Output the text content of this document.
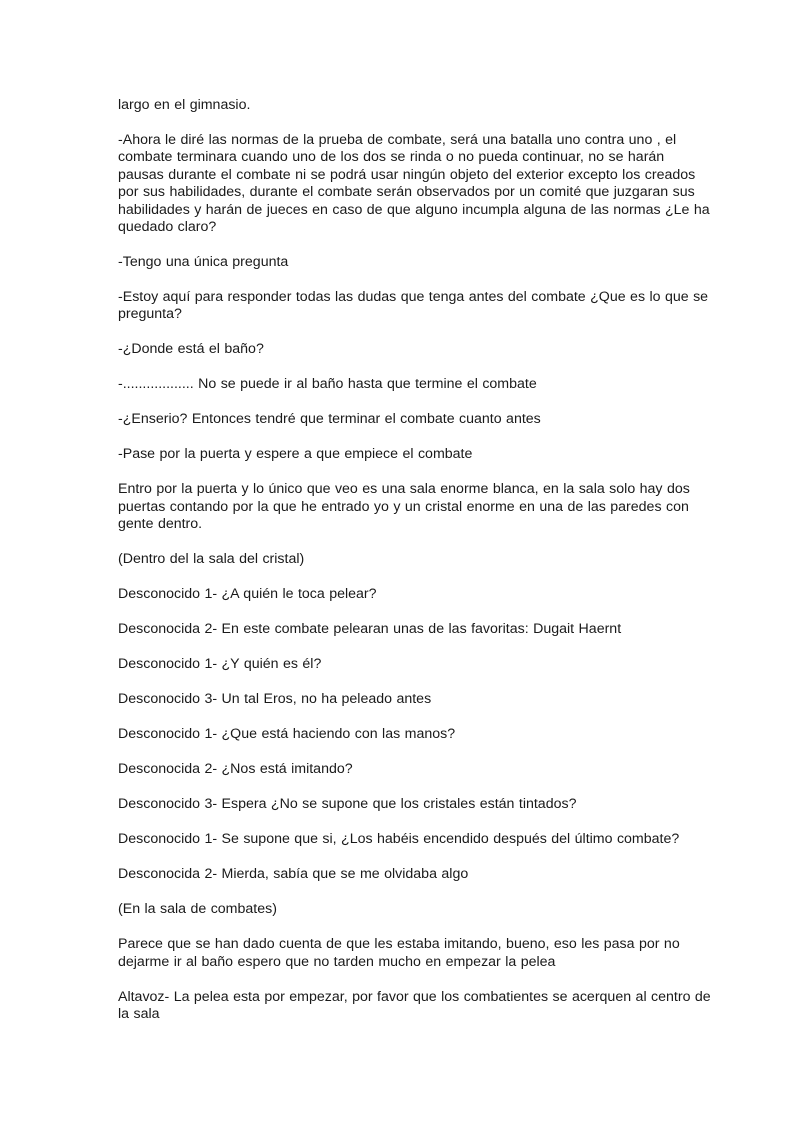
largo en el gimnasio.

-Ahora le diré las normas de la prueba de combate, será una batalla uno contra uno , el combate terminara cuando uno de los dos se rinda o no pueda continuar, no se harán pausas durante el combate ni se podrá usar ningún objeto del exterior excepto los creados por sus habilidades, durante el combate serán observados por un comité que juzgaran sus habilidades y harán de jueces en caso de que alguno incumpla alguna de las normas ¿Le ha quedado claro?

-Tengo una única pregunta

-Estoy aquí para responder todas las dudas que tenga antes del combate ¿Que es lo que se pregunta?

-¿Donde está el baño?

-.................. No se puede ir al baño hasta que termine el combate

-¿Enserio? Entonces tendré que terminar el combate cuanto antes

-Pase por la puerta y espere a que empiece el combate

Entro por la puerta y lo único que veo es una sala enorme blanca, en la sala solo hay dos puertas contando por la que he entrado yo y un cristal enorme en una de las paredes con gente dentro.

(Dentro del la sala del cristal)

Desconocido 1- ¿A quién le toca pelear?

Desconocida 2- En este combate pelearan unas de las favoritas: Dugait Haernt

Desconocido 1- ¿Y quién es él?

Desconocido 3- Un tal Eros, no ha peleado antes

Desconocido 1- ¿Que está haciendo con las manos?

Desconocida 2- ¿Nos está imitando?

Desconocido 3- Espera ¿No se supone que los cristales están tintados?

Desconocido 1- Se supone que si, ¿Los habéis encendido después del último combate?

Desconocida 2- Mierda, sabía que se me olvidaba algo

(En la sala de combates)

Parece que se han dado cuenta de que les estaba imitando, bueno, eso les pasa por no dejarme ir al baño espero que no tarden mucho en empezar la pelea

Altavoz- La pelea esta por empezar, por favor que los combatientes se acerquen al centro de la sala
